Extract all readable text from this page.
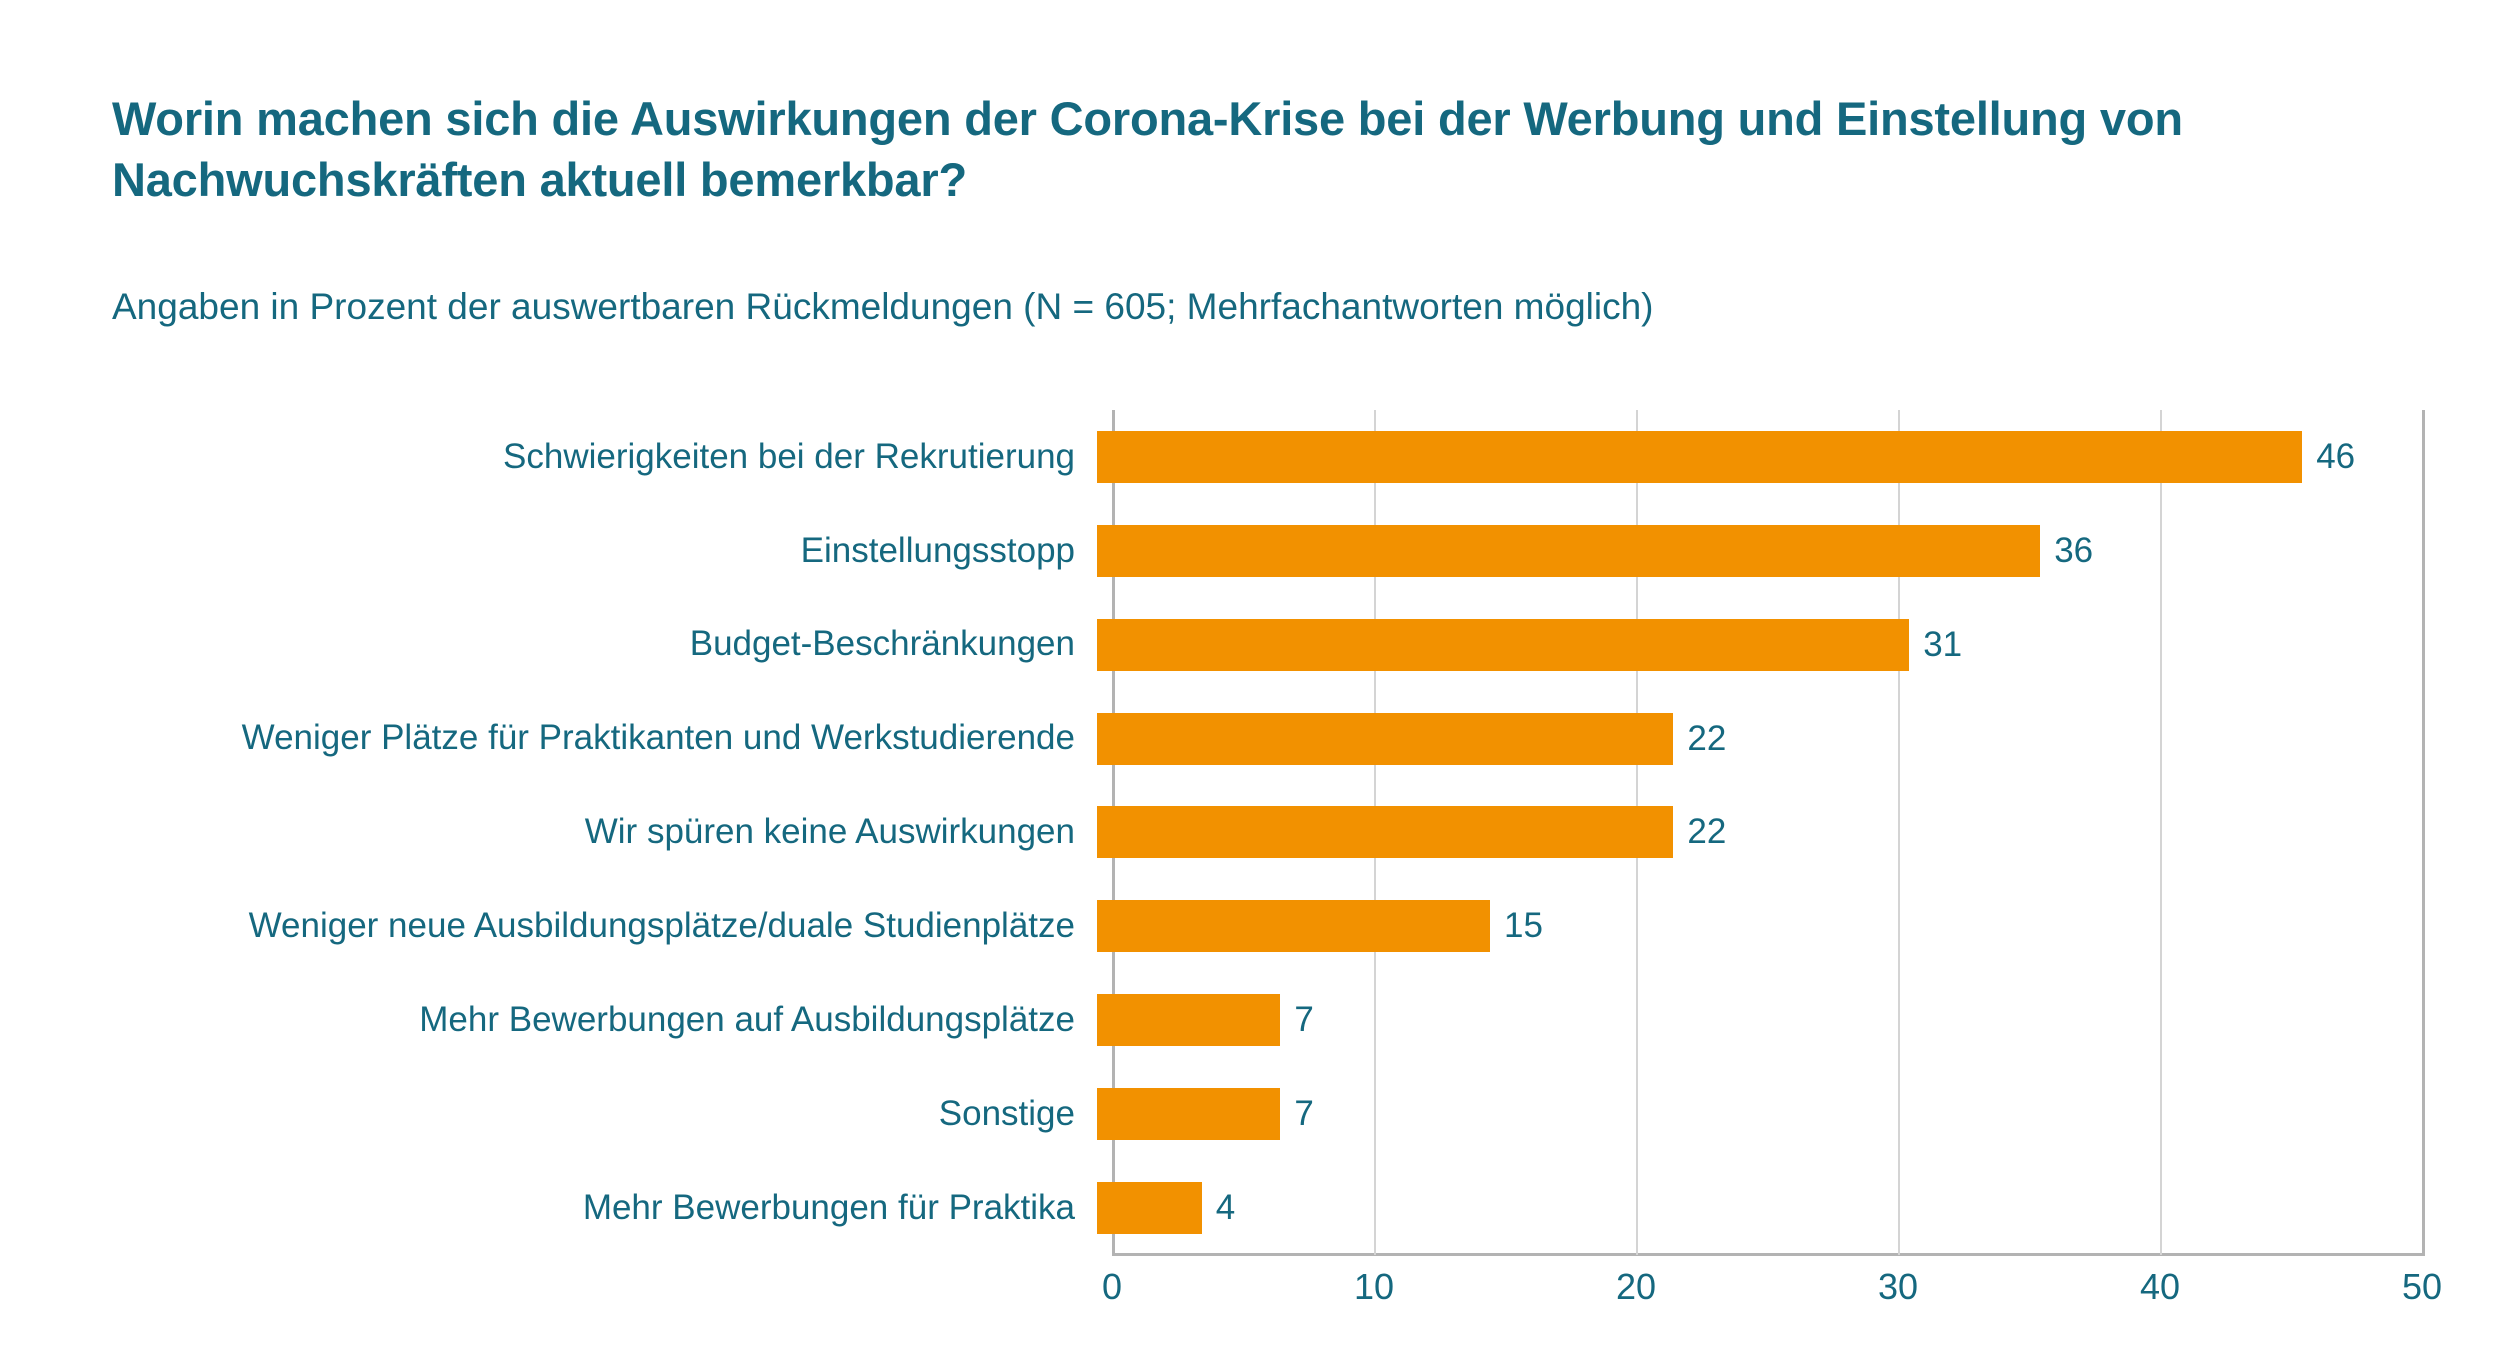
Worin machen sich die Auswirkungen der Corona-Krise bei der Werbung und Einstellung von Nachwuchskräften aktuell bemerkbar?
Angaben in Prozent der auswertbaren Rückmeldungen (N = 605; Mehrfachantworten möglich)
Schwierigkeiten bei der Rekrutierung	46
Einstellungsstopp	36
Budget-Beschränkungen	31
Weniger Plätze für Praktikanten und Werkstudierende	22
Wir spüren keine Auswirkungen	22
Weniger neue Ausbildungsplätze/duale Studienplätze	15
Mehr Bewerbungen auf Ausbildungsplätze	7
Sonstige	7
Mehr Bewerbungen für Praktika	4
0	10	20	30	40	50
